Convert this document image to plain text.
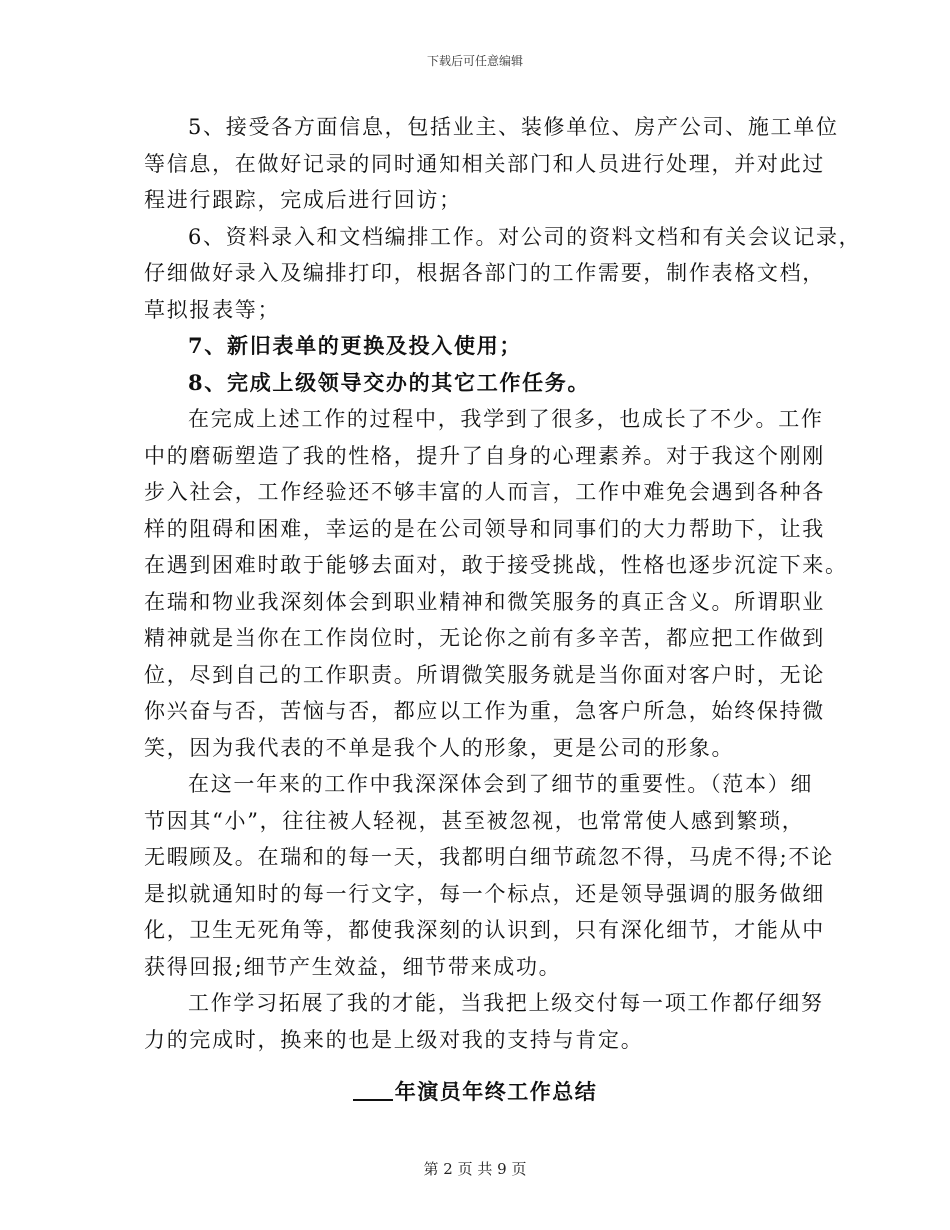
下载后可任意编辑
5、接受各方面信息，包括业主、装修单位、房产公司、施工单位
等信息，在做好记录的同时通知相关部门和人员进行处理，并对此过
程进行跟踪，完成后进行回访；
6、资料录入和文档编排工作。对公司的资料文档和有关会议记录，
仔细做好录入及编排打印，根据各部门的工作需要，制作表格文档，
草拟报表等；
7、新旧表单的更换及投入使用；
8、完成上级领导交办的其它工作任务。
在完成上述工作的过程中，我学到了很多，也成长了不少。工作
中的磨砺塑造了我的性格，提升了自身的心理素养。对于我这个刚刚
步入社会，工作经验还不够丰富的人而言，工作中难免会遇到各种各
样的阻碍和困难，幸运的是在公司领导和同事们的大力帮助下，让我
在遇到困难时敢于能够去面对，敢于接受挑战，性格也逐步沉淀下来。
在瑞和物业我深刻体会到职业精神和微笑服务的真正含义。所谓职业
精神就是当你在工作岗位时，无论你之前有多辛苦，都应把工作做到
位，尽到自己的工作职责。所谓微笑服务就是当你面对客户时，无论
你兴奋与否，苦恼与否，都应以工作为重，急客户所急，始终保持微
笑，因为我代表的不单是我个人的形象，更是公司的形象。
在这一年来的工作中我深深体会到了细节的重要性。（范本）细
节因其“小”，往往被人轻视，甚至被忽视，也常常使人感到繁琐，
无暇顾及。在瑞和的每一天，我都明白细节疏忽不得，马虎不得;不论
是拟就通知时的每一行文字，每一个标点，还是领导强调的服务做细
化，卫生无死角等，都使我深刻的认识到，只有深化细节，才能从中
获得回报;细节产生效益，细节带来成功。
工作学习拓展了我的才能，当我把上级交付每一项工作都仔细努
力的完成时，换来的也是上级对我的支持与肯定。
年演员年终工作总结
第 2 页 共 9 页
